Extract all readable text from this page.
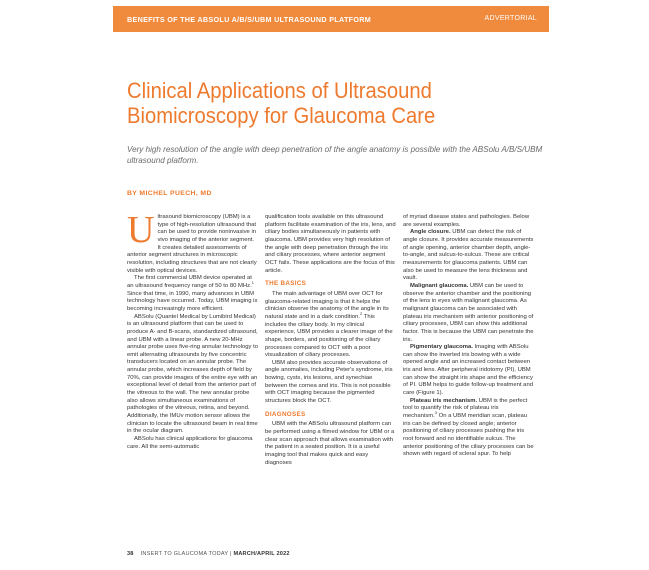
BENEFITS OF THE ABSOLU A/B/S/UBM ULTRASOUND PLATFORM	ADVERTORIAL
Clinical Applications of Ultrasound
Biomicroscopy for Glaucoma Care
Very high resolution of the angle with deep penetration of the angle anatomy is possible with the ABSolu A/B/S/UBM ultrasound platform.
BY MICHEL PUECH, MD

Ultrasound biomicroscopy (UBM) is a type of high-resolution ultrasound that can be used to provide noninvasive in vivo imaging of the anterior segment. It creates detailed assessments of anterior segment structures in microscopic resolution, including structures that are not clearly visible with optical devices.

The first commercial UBM device operated at an ultrasound frequency range of 50 to 80 MHz.$^1$ Since that time, in 1990, many advances in UBM technology have occurred. Today, UBM imaging is becoming increasingly more efficient.

ABSolu (Quantel Medical by Lumibird Medical) is an ultrasound platform that can be used to produce A- and B-scans, standardized ultrasound, and UBM with a linear probe. A new 20-MHz annular probe uses five-ring annular technology to emit alternating ultrasounds by five concentric transducers located on an annular probe. The annular probe, which increases depth of field by 70%, can provide images of the entire eye with an exceptional level of detail from the anterior part of the vitreous to the wall. The new annular probe also allows simultaneous examinations of pathologies of the vitreous, retina, and beyond. Additionally, the IMUv motion sensor allows the clinician to locate the ultrasound beam in real time in the ocular diagram.

ABSolu has clinical applications for glaucoma care. All the semi-automatic

qualification tools available on this ultrasound platform facilitate examination of the iris, lens, and ciliary bodies simultaneously in patients with glaucoma. UBM provides very high resolution of the angle with deep penetration through the iris and ciliary processes, where anterior segment OCT fails. These applications are the focus of this article.

THE BASICS

The main advantage of UBM over OCT for glaucoma-related imaging is that it helps the clinician observe the anatomy of the angle in its natural state and in a dark condition.$^2$ This includes the ciliary body. In my clinical experience, UBM provides a clearer image of the shape, borders, and positioning of the ciliary processes compared to OCT with a poor visualization of ciliary processes.

UBM also provides accurate observations of angle anomalies, including Peter's syndrome, iris bowing, cysts, iris lesions, and synechiae between the cornea and iris. This is not possible with OCT imaging because the pigmented structures block the OCT.

DIAGNOSES

UBM with the ABSolu ultrasound platform can be performed using a filmed window for UBM or a clear scan approach that allows examination with the patient in a seated position. It is a useful imaging tool that makes quick and easy diagnoses

of myriad disease states and pathologies. Below are several examples.

Angle closure. UBM can detect the risk of angle closure. It provides accurate measurements of angle opening, anterior chamber depth, angle-to-angle, and sulcus-to-sulcus. These are critical measurements for glaucoma patients. UBM can also be used to measure the lens thickness and vault.

Malignant glaucoma. UBM can be used to observe the anterior chamber and the positioning of the lens in eyes with malignant glaucoma. As malignant glaucoma can be associated with plateau iris mechanism with anterior positioning of ciliary processes, UBM can show this additional factor. This is because the UBM can penetrate the iris.

Pigmentary glaucoma. Imaging with ABSolu can show the inverted iris bowing with a wide opened angle and an increased contact between iris and lens. After peripheral iridotomy (PI), UBM can show the straight iris shape and the efficiency of PI. UBM helps to guide follow-up treatment and care (Figure 1).

Plateau iris mechanism. UBM is the perfect tool to quantify the risk of plateau iris mechanism.$^3$ On a UBM meridian scan, plateau iris can be defined by closed angle; anterior positioning of ciliary processes pushing the iris root forward and no identifiable sulcus. The anterior positioning of the ciliary processes can be shown with regard of scleral spur. To help

38 INSERT TO GLAUCOMA TODAY | MARCH/APRIL 2022
